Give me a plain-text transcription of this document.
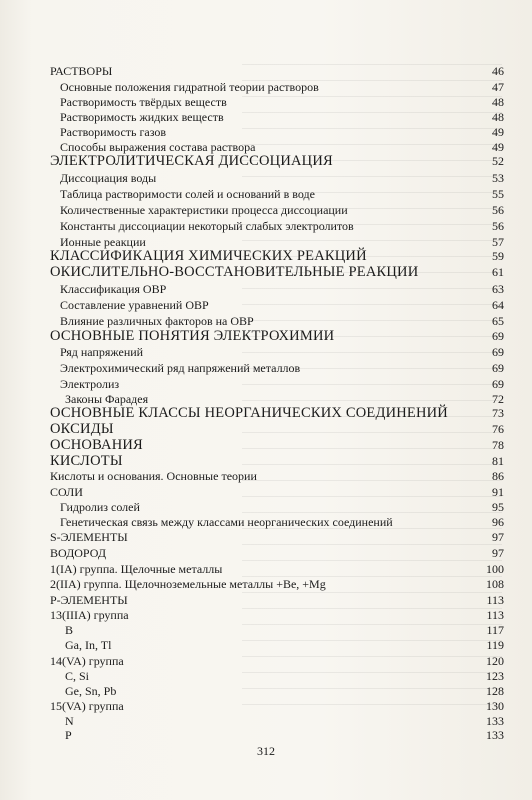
РАСТВОРЫ	46
Основные положения гидратной теории растворов	47
Растворимость твёрдых веществ	48
Растворимость жидких веществ	48
Растворимость газов	49
Способы выражения состава раствора	49
ЭЛЕКТРОЛИТИЧЕСКАЯ ДИССОЦИАЦИЯ	52
Диссоциация воды	53
Таблица растворимости солей и оснований в воде	55
Количественные характеристики процесса диссоциации	56
Константы диссоциации некоторый слабых электролитов	56
Ионные реакции	57
КЛАССИФИКАЦИЯ ХИМИЧЕСКИХ РЕАКЦИЙ	59
ОКИСЛИТЕЛЬНО-ВОССТАНОВИТЕЛЬНЫЕ РЕАКЦИИ	61
Классификация ОВР	63
Составление уравнений ОВР	64
Влияние различных факторов на ОВР	65
ОСНОВНЫЕ ПОНЯТИЯ ЭЛЕКТРОХИМИИ	69
Ряд напряжений	69
Электрохимический ряд напряжений металлов	69
Электролиз	69
Законы Фарадея	72
ОСНОВНЫЕ КЛАССЫ НЕОРГАНИЧЕСКИХ СОЕДИНЕНИЙ	73
ОКСИДЫ	76
ОСНОВАНИЯ	78
КИСЛОТЫ	81
Кислоты и основания. Основные теории	86
СОЛИ	91
Гидролиз солей	95
Генетическая связь между классами неорганических соединений	96
S-ЭЛЕМЕНТЫ	97
ВОДОРОД	97
1(IA) группа. Щелочные металлы	100
2(IIA) группа. Щелочноземельные металлы +Be, +Mg	108
Р-ЭЛЕМЕНТЫ	113
13(IIIA) группа	113
B	117
Ga, In, Tl	119
14(VA) группа	120
C, Si	123
Ge, Sn, Pb	128
15(VA) группа	130
N	133
P	133
312
